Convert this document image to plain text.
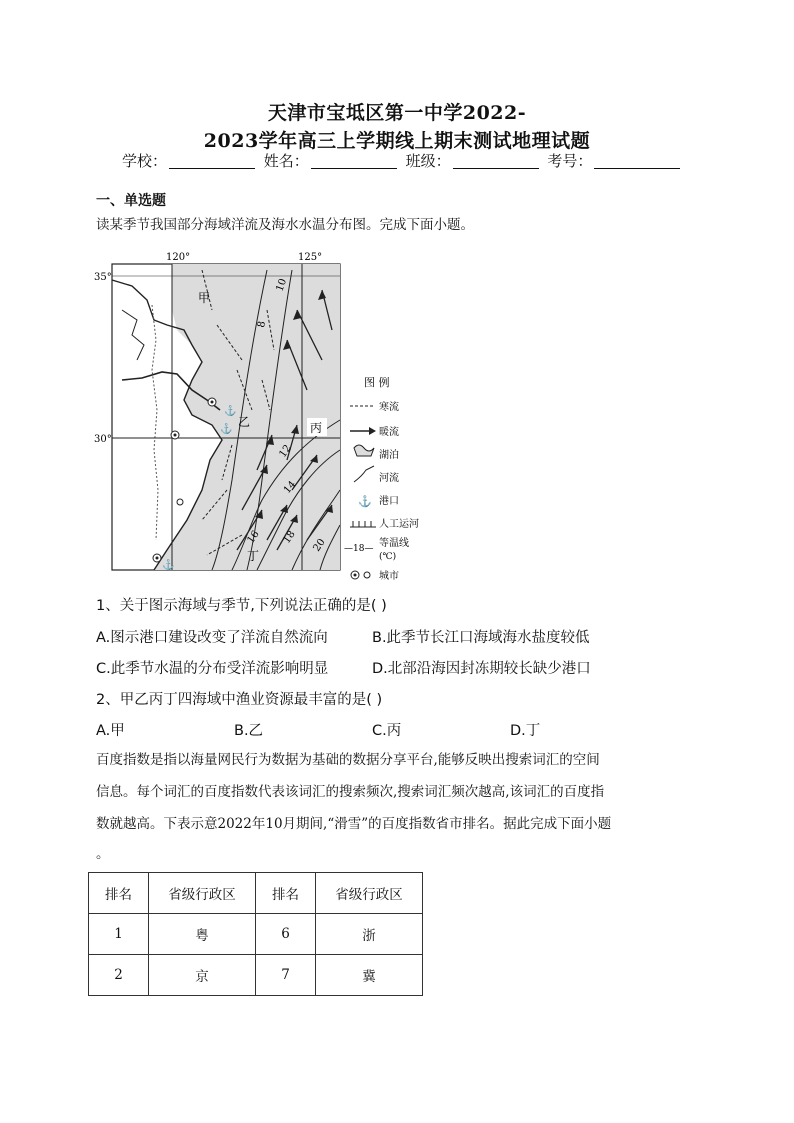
天津市宝坻区第一中学2022-
2023学年高三上学期线上期末测试地理试题
学校：	姓名：	班级：	考号：
一、单选题
读某季节我国部分海域洋流及海水水温分布图。完成下面小题。
⚓
⚓
⚓
120°	125°
35°
30°
甲
乙	丙
丁
10
8
12
14
16 18 20
图 例
寒流
暖流
湖泊
河流
⚓ 港口
人工运河
—18— 等温线
(℃)
城市
1、关于图示海域与季节,下列说法正确的是( )
A.图示港口建设改变了洋流自然流向	B.此季节长江口海域海水盐度较低
C.此季节水温的分布受洋流影响明显	D.北部沿海因封冻期较长缺少港口
2、甲乙丙丁四海域中渔业资源最丰富的是( )
A.甲	B.乙	C.丙	D.丁
百度指数是指以海量网民行为数据为基础的数据分享平台,能够反映出搜索词汇的空间
信息。每个词汇的百度指数代表该词汇的搜索频次,搜索词汇频次越高,该词汇的百度指
数就越高。下表示意2022年10月期间,“滑雪”的百度指数省市排名。据此完成下面小题
。
排名	省级行政区	排名	省级行政区
1	粤	6	浙
2	京	7	冀
